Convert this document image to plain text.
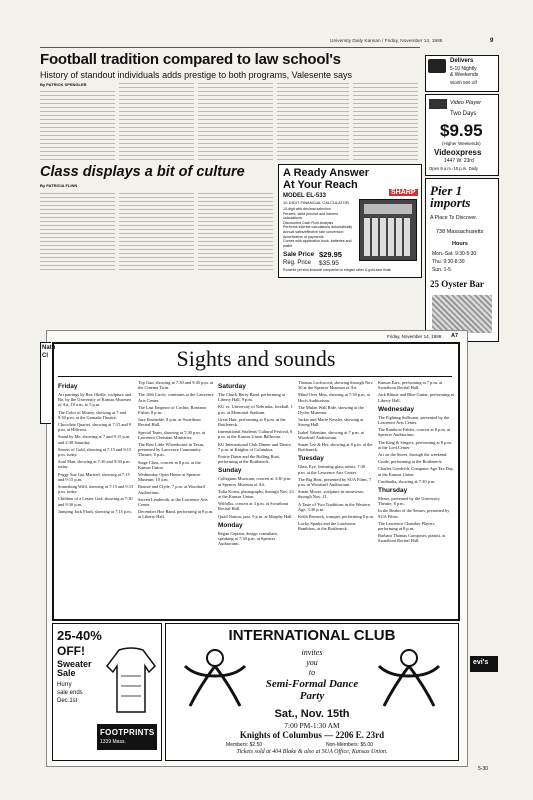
University Daily Kansan / Friday, November 14, 1986	9
Football tradition compared to law school's
History of standout individuals adds prestige to both programs, Valesente says
By PATRICK SPENGLER
Delivers
5-10 Nightly
& Weekends
Worth 50¢ off
Video Player
Two Days
$9.95
(Higher Weekends)
Videoxpress
1447 W. 23rd
Open 9 a.m.-10 p.m. Daily
Pier 1 imports
A Place To Discover.
738 Massachusetts
Hours
Mon.-Sat. 9:30-5:30
Thu. 9:30-8:30
Sun. 1-5
25 Oyster Bar
Class displays a bit of culture
By PATRICIA FLINN
A Ready Answer
At Your Reach
SHARP
MODEL EL-533
10-DIGIT FINANCIAL CALCULATOR
10-digit with decimal selection
Percent, delta percent and interest calculations
Discounted Cash Flow Analysis
Performs interest calculations automatically
Annual sales/effective rate conversion
Amortization of payments
Comes with application book, batteries and wallet
Sale Price $29.95
Reg. Price $35.95
Powerful yet slim financial companion in elegant silver & gold-tone finish
Friday, November 14, 1986 A7
Sights and sounds
Friday
Art pairings by Rex Okelle, sculpture and Bo, by the University of Kansas Museum of Art, 10 a.m. to 5 p.m.
The Color of Money, showing at 7 and 9:30 p.m. at the Granada Theatre.
Chocolate Quartet, showing at 7:15 and 9 p.m. at Hillcrest.
Stand by Me, showing at 7 and 9:15 p.m. and 4:30 Saturday.
Streets of Gold, showing at 7:15 and 9:15 p.m. today.
Soul Man, showing at 7:30 and 9:30 p.m. today.
Peggy Sue Got Married, showing at 7:15 and 9:15 p.m.
Something Wild, showing at 7:15 and 9:15 p.m. today.
Children of a Lesser God, showing at 7:30 and 9:30 p.m.
Jumping Jack Flash, showing at 7:15 p.m.
Top Gun, showing at 7:30 and 9:45 p.m. at the Cinema Twin.
The 10th Circle, continues at the Lawrence Arts Center.
The Last Emperor of Cochin, Roseann Fisher, 8 p.m.
Jazz Ensemble, 8 p.m. at Swarthout Recital Hall.
Special Team, showing at 7:30 p.m. at Lawrence Christian Ministries.
The Best Little Whorehouse in Texas, presented by Lawrence Community Theatre, 8 p.m.
Stage Class, concert at 8 p.m. at the Kansas Union.
Wednesday Open House at Spencer Museum, 10 a.m.
Bonnie and Clyde, 7 p.m. at Woodruff Auditorium.
Steven Leuderoth, at the Lawrence Arts Center.
December Hoe Band, performing at 8 p.m. at Liberty Hall.
Saturday
The Chuck Berry Band, performing at Liberty Hall, 9 p.m.
KU vs. University of Nebraska, football, 1 p.m. at Memorial Stadium.
Great Hair, performing at 8 p.m. at the Bottleneck.
International Students' Cultural Festival, 6 p.m. at the Kansas Union Ballroom.
KU International Club Dinner and Dance, 7 p.m. at Knights of Columbus.
Prairie Dawn and the Rolling Boat, performing at the Bottleneck.
Sunday
Collegium Musicum, concert at 3:30 p.m. at Spencer Museum of Art.
Tulia Korea, photographs, through Nov. 23 at the Kansas Union.
Wilfolks, concert at 3 p.m. at Swarthout Recital Hall.
Quail Nation, jazz, 9 p.m. at Murphy Hall.
Monday
Regan Captain, design consultant, speaking at 7:30 p.m. at Spencer Auditorium.
Thomas Lockwood, showing through Nov. 30 at the Spencer Museum of Art.
Mind Over Men, showing at 7:30 p.m. at Hoch Auditorium.
The Mulan Wall Ride, showing at the Dyche Museum.
Jackie and Marie Kessler, showing at Strong Hall.
Isabel Valentine, showing at 7 p.m. at Woodruff Auditorium.
Susan Lee & Her, showing at 8 p.m. at the Bottleneck.
Tuesday
Glass Eye, featuring glass artists, 7:30 p.m. at the Lawrence Arts Center.
The Big Heat, presented by SUA Films, 7 p.m. at Woodruff Auditorium.
Susan Moore, sculpture in stoneware, through Nov. 21.
A Taste of Two Traditions in the Western Age, 3:30 p.m.
Keith Pennock, trumpet, performing 8 p.m.
Lucky Sparks and the Lonesome Ramblers, at the Bottleneck.
Kansas Ears, performing at 7 p.m. at Swarthout Recital Hall.
Jack Rhinie and Blue Guitar, performing at Liberty Hall.
Wednesday
The Fighting Sullivans, presented by the Lawrence Arts Center.
The Rainbow Fables, concert at 8 p.m. at Spencer Auditorium.
The King & Singers, performing at 8 p.m. at the Lied Center.
Art on the Street, through the weekend.
Crude, performing at the Bottleneck.
Charles Goodrich, Computer Age Tax Day, at the Kansas Union.
Cardinalia, showing at 7:30 p.m.
Thursday
Messe, presented by the University Theatre, 8 p.m.
In the Realm of the Senses, presented by SUA Films.
The Lawrence Chamber Players, performing at 8 p.m.
Barbara Thomas Composer, pianist, at Swarthout Recital Hall.
25-40%
OFF!
Sweater Sale
Hurry
sale ends
Dec.1st
FOOTPRINTS
1339 Mass.
INTERNATIONAL CLUB
invites
you
to
Semi-Formal Dance Party
Sat., Nov. 15th
7:00 PM-1:30 AM
Knights of Columbus — 2206 E. 23rd
Members: $2.50	Non-Members: $5.00
Tickets sold at 404 Blake & also at SUA Office, Kansas Union.
Natu
Cl
evi's
5-30
